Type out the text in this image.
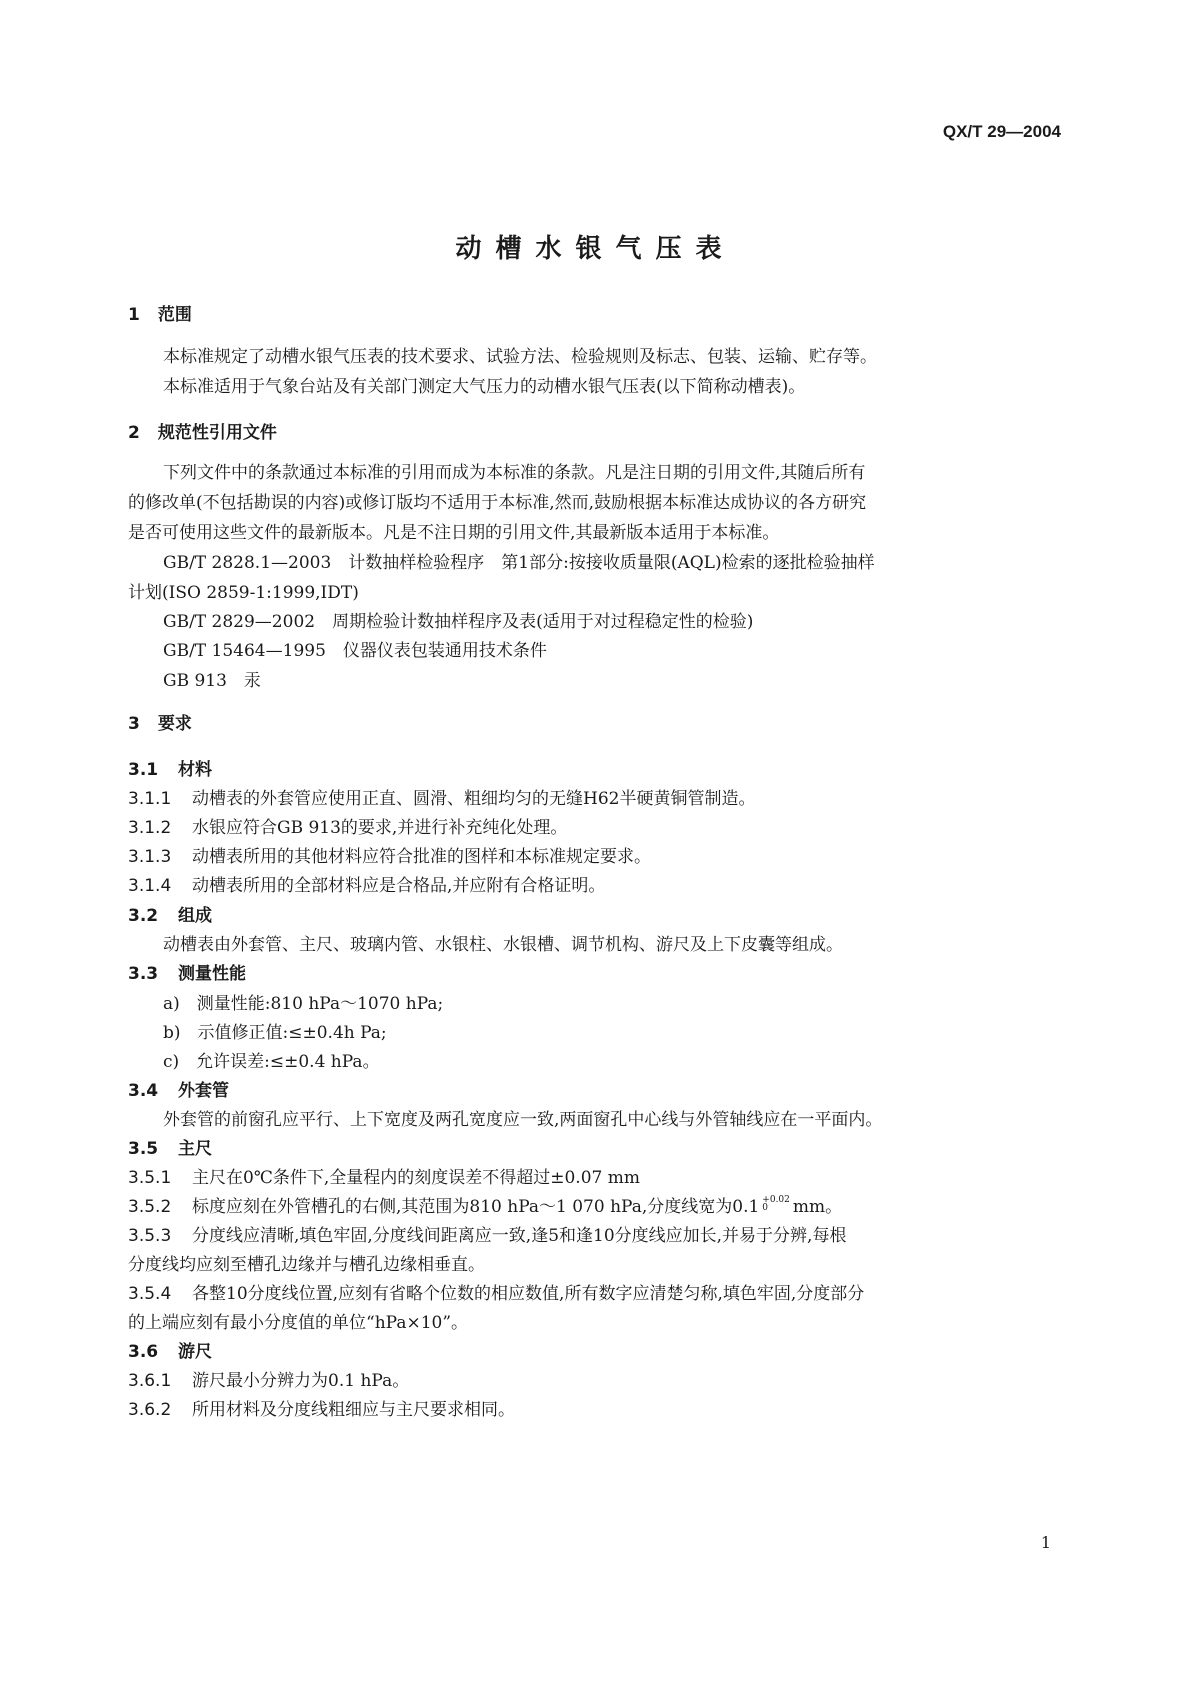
QX/T 29—2004
动槽水银气压表
1 范围
本标准规定了动槽水银气压表的技术要求、试验方法、检验规则及标志、包装、运输、贮存等。
本标准适用于气象台站及有关部门测定大气压力的动槽水银气压表(以下简称动槽表)。
2 规范性引用文件
下列文件中的条款通过本标准的引用而成为本标准的条款。凡是注日期的引用文件,其随后所有
的修改单(不包括勘误的内容)或修订版均不适用于本标准,然而,鼓励根据本标准达成协议的各方研究
是否可使用这些文件的最新版本。凡是不注日期的引用文件,其最新版本适用于本标准。
GB/T 2828.1—2003　计数抽样检验程序　第1部分:按接收质量限(AQL)检索的逐批检验抽样
计划(ISO 2859-1:1999,IDT)
GB/T 2829—2002　周期检验计数抽样程序及表(适用于对过程稳定性的检验)
GB/T 15464—1995　仪器仪表包装通用技术条件
GB 913　汞
3 要求
3.1 材料
3.1.1 动槽表的外套管应使用正直、圆滑、粗细均匀的无缝H62半硬黄铜管制造。
3.1.2 水银应符合GB 913的要求,并进行补充纯化处理。
3.1.3 动槽表所用的其他材料应符合批准的图样和本标准规定要求。
3.1.4 动槽表所用的全部材料应是合格品,并应附有合格证明。
3.2 组成
动槽表由外套管、主尺、玻璃内管、水银柱、水银槽、调节机构、游尺及上下皮囊等组成。
3.3 测量性能
a)　测量性能:810 hPa～1070 hPa;
b)　示值修正值:≤±0.4h Pa;
c)　允许误差:≤±0.4 hPa。
3.4 外套管
外套管的前窗孔应平行、上下宽度及两孔宽度应一致,两面窗孔中心线与外管轴线应在一平面内。
3.5 主尺
3.5.1 主尺在0℃条件下,全量程内的刻度误差不得超过±0.07 mm
3.5.2 标度应刻在外管槽孔的右侧,其范围为810 hPa～1 070 hPa,分度线宽为0.1 +0.02
0	mm。
3.5.3 分度线应清晰,填色牢固,分度线间距离应一致,逢5和逢10分度线应加长,并易于分辨,每根
分度线均应刻至槽孔边缘并与槽孔边缘相垂直。
3.5.4 各整10分度线位置,应刻有省略个位数的相应数值,所有数字应清楚匀称,填色牢固,分度部分
的上端应刻有最小分度值的单位“hPa×10”。
3.6 游尺
3.6.1 游尺最小分辨力为0.1 hPa。
3.6.2 所用材料及分度线粗细应与主尺要求相同。
1
